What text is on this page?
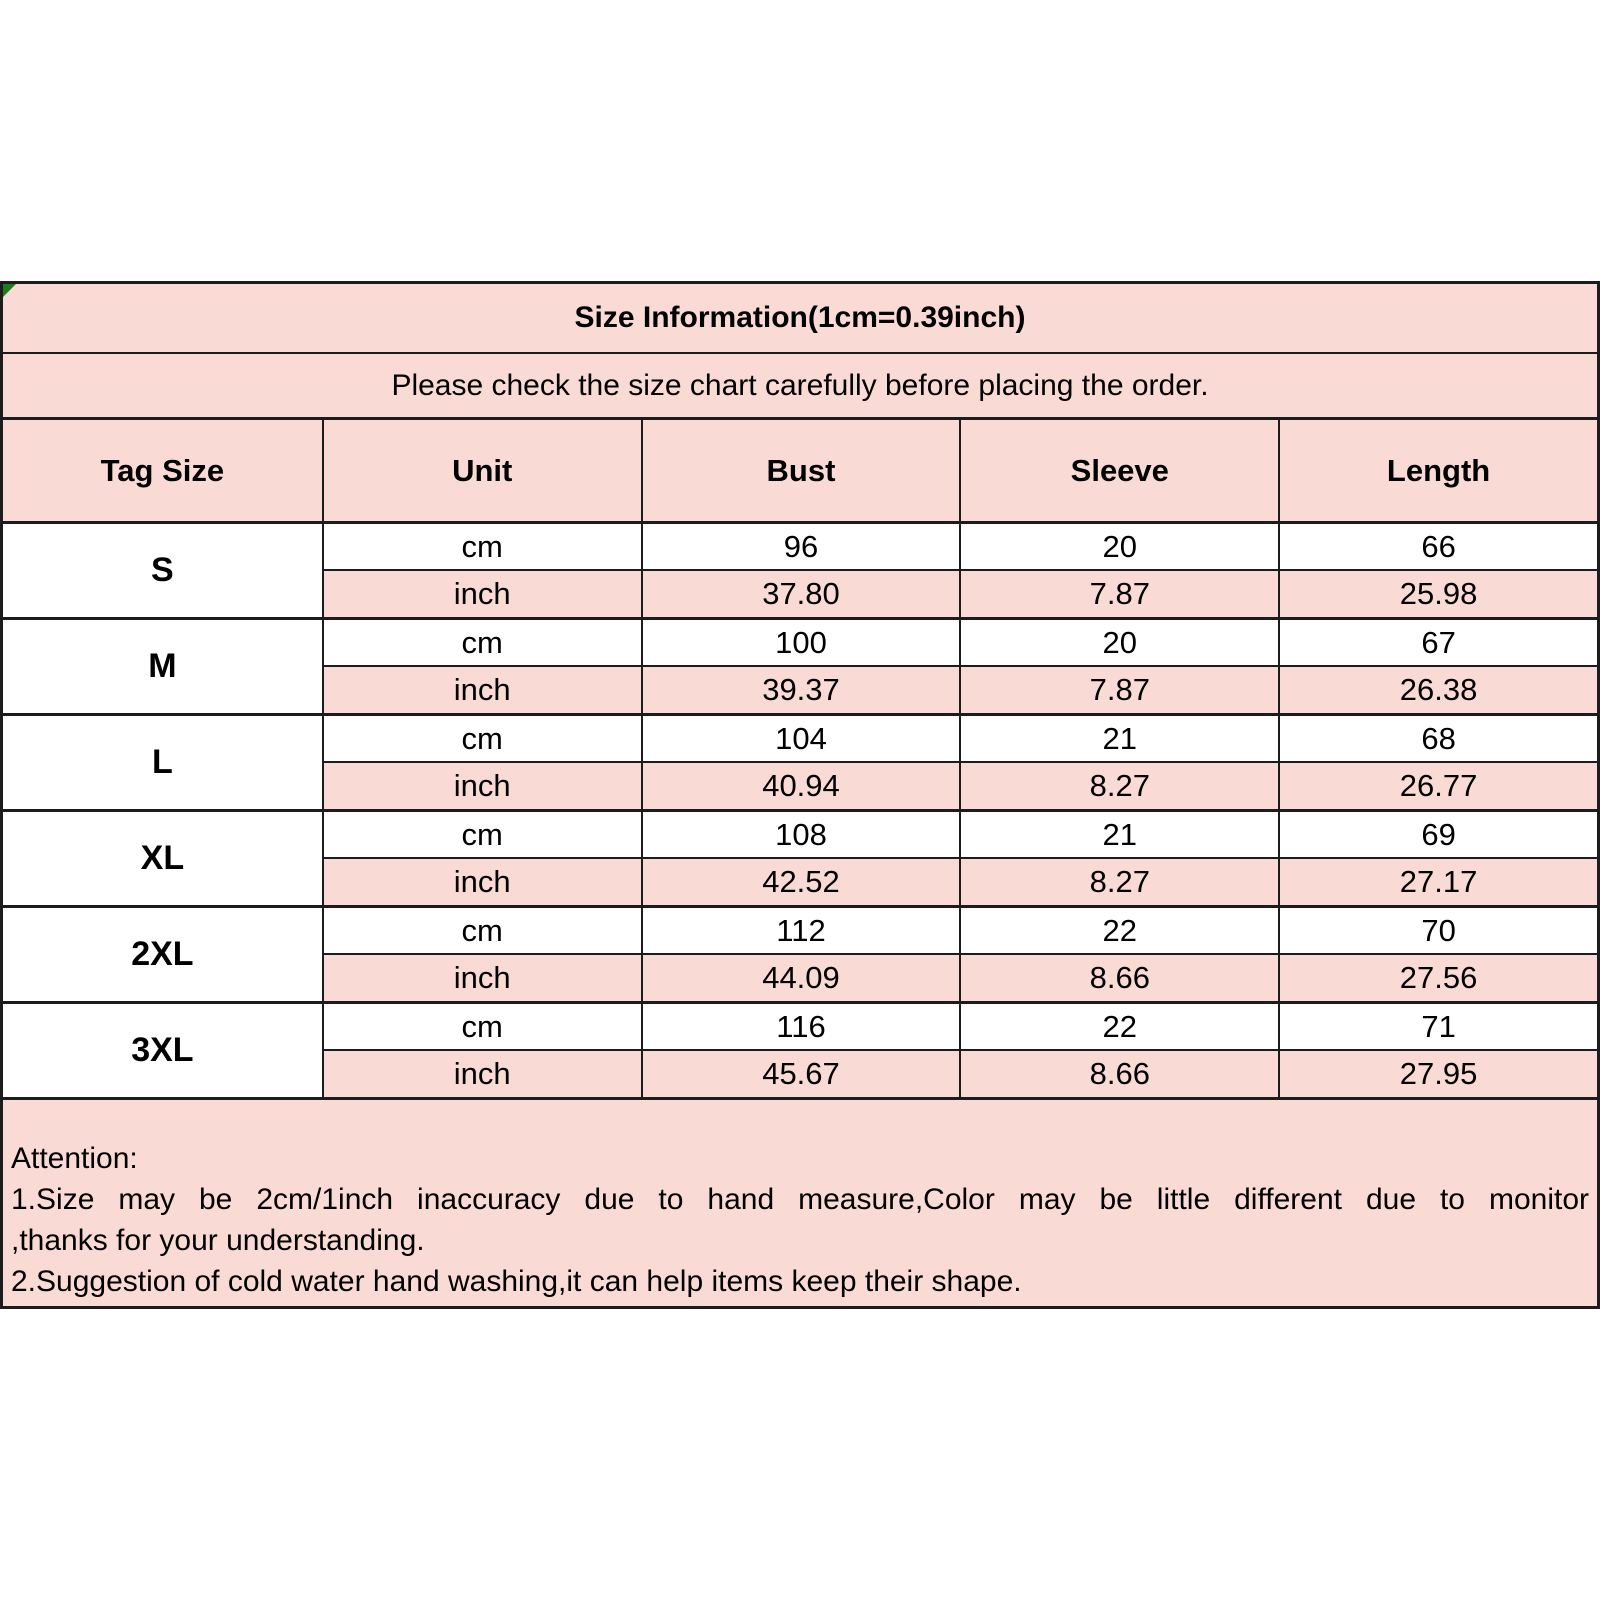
Size Information(1cm=0.39inch)
Please check the size chart carefully before placing the order.
Tag Size	Unit	Bust	Sleeve	Length
S
cm	96	20	66
inch	37.80	7.87	25.98
M
cm	100	20	67
inch	39.37	7.87	26.38
L
cm	104	21	68
inch	40.94	8.27	26.77
XL
cm	108	21	69
inch	42.52	8.27	27.17
2XL
cm	112	22	70
inch	44.09	8.66	27.56
3XL
cm	116	22	71
inch	45.67	8.66	27.95
Attention:
1.Size may be 2cm/1inch inaccuracy due to hand measure,Color may be little different due to monitor
,thanks for your understanding.
2.Suggestion of cold water hand washing,it can help items keep their shape.
